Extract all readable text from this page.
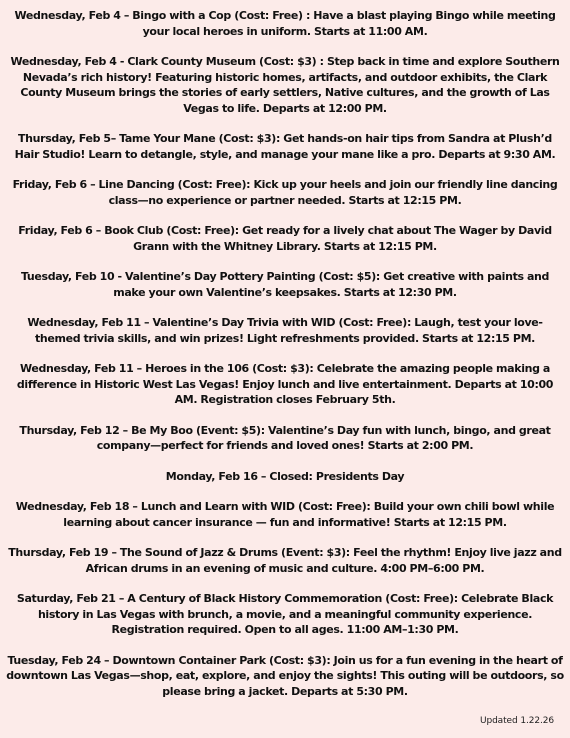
Wednesday, Feb 4 – Bingo with a Cop (Cost: Free) : Have a blast playing Bingo while meeting your local heroes in uniform. Starts at 11:00 AM.

Wednesday, Feb 4 - Clark County Museum (Cost: $3) : Step back in time and explore Southern Nevada’s rich history! Featuring historic homes, artifacts, and outdoor exhibits, the Clark County Museum brings the stories of early settlers, Native cultures, and the growth of Las Vegas to life. Departs at 12:00 PM.

Thursday, Feb 5– Tame Your Mane (Cost: $3): Get hands-on hair tips from Sandra at Plush’d Hair Studio! Learn to detangle, style, and manage your mane like a pro. Departs at 9:30 AM.

Friday, Feb 6 – Line Dancing (Cost: Free): Kick up your heels and join our friendly line dancing class—no experience or partner needed. Starts at 12:15 PM.

Friday, Feb 6 – Book Club (Cost: Free): Get ready for a lively chat about The Wager by David Grann with the Whitney Library. Starts at 12:15 PM.

Tuesday, Feb 10 - Valentine’s Day Pottery Painting (Cost: $5): Get creative with paints and make your own Valentine’s keepsakes. Starts at 12:30 PM.

Wednesday, Feb 11 – Valentine’s Day Trivia with WID (Cost: Free): Laugh, test your love-themed trivia skills, and win prizes! Light refreshments provided. Starts at 12:15 PM.

Wednesday, Feb 11 – Heroes in the 106 (Cost: $3): Celebrate the amazing people making a difference in Historic West Las Vegas! Enjoy lunch and live entertainment. Departs at 10:00 AM. Registration closes February 5th.

Thursday, Feb 12 – Be My Boo (Event: $5): Valentine’s Day fun with lunch, bingo, and great company—perfect for friends and loved ones! Starts at 2:00 PM.

Monday, Feb 16 – Closed: Presidents Day

Wednesday, Feb 18 – Lunch and Learn with WID (Cost: Free): Build your own chili bowl while learning about cancer insurance — fun and informative! Starts at 12:15 PM.

Thursday, Feb 19 – The Sound of Jazz & Drums (Event: $3): Feel the rhythm! Enjoy live jazz and African drums in an evening of music and culture. 4:00 PM–6:00 PM.

Saturday, Feb 21 – A Century of Black History Commemoration (Cost: Free): Celebrate Black history in Las Vegas with brunch, a movie, and a meaningful community experience. Registration required. Open to all ages. 11:00 AM–1:30 PM.

Tuesday, Feb 24 – Downtown Container Park (Cost: $3): Join us for a fun evening in the heart of downtown Las Vegas—shop, eat, explore, and enjoy the sights! This outing will be outdoors, so please bring a jacket. Departs at 5:30 PM.

Updated 1.22.26
